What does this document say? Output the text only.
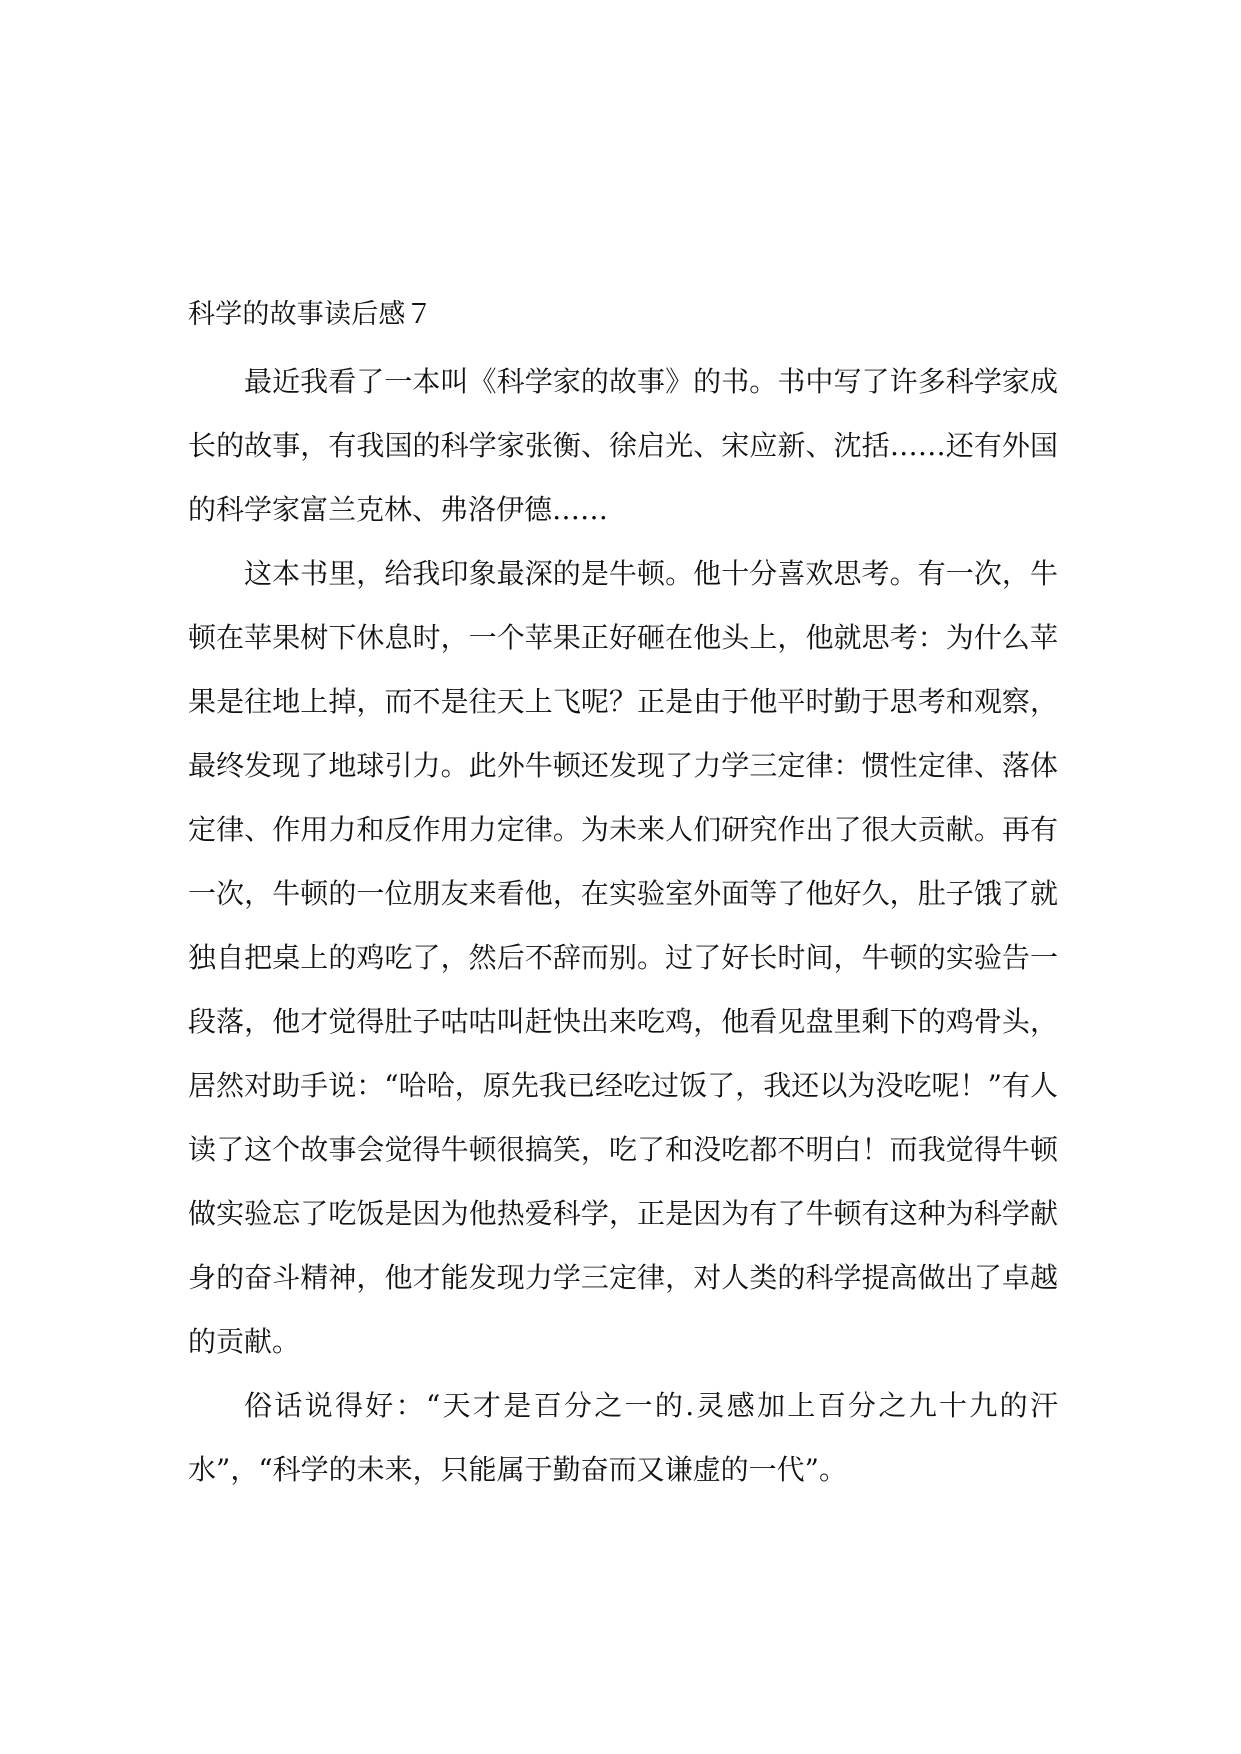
科学的故事读后感７

最近我看了一本叫《科学家的故事》的书。书中写了许多科学家成长的故事，有我国的科学家张衡、徐启光、宋应新、沈括……还有外国的科学家富兰克林、弗洛伊德……

这本书里，给我印象最深的是牛顿。他十分喜欢思考。有一次，牛顿在苹果树下休息时，一个苹果正好砸在他头上，他就思考：为什么苹果是往地上掉，而不是往天上飞呢？正是由于他平时勤于思考和观察，最终发现了地球引力。此外牛顿还发现了力学三定律：惯性定律、落体定律、作用力和反作用力定律。为未来人们研究作出了很大贡献。再有一次，牛顿的一位朋友来看他，在实验室外面等了他好久，肚子饿了就独自把桌上的鸡吃了，然后不辞而别。过了好长时间，牛顿的实验告一段落，他才觉得肚子咕咕叫赶快出来吃鸡，他看见盘里剩下的鸡骨头，居然对助手说：“哈哈，原先我已经吃过饭了，我还以为没吃呢！”有人读了这个故事会觉得牛顿很搞笑，吃了和没吃都不明白！而我觉得牛顿做实验忘了吃饭是因为他热爱科学，正是因为有了牛顿有这种为科学献身的奋斗精神，他才能发现力学三定律，对人类的科学提高做出了卓越的贡献。

俗话说得好：“天才是百分之一的.灵感加上百分之九十九的汗水”，“科学的未来，只能属于勤奋而又谦虚的一代”。
